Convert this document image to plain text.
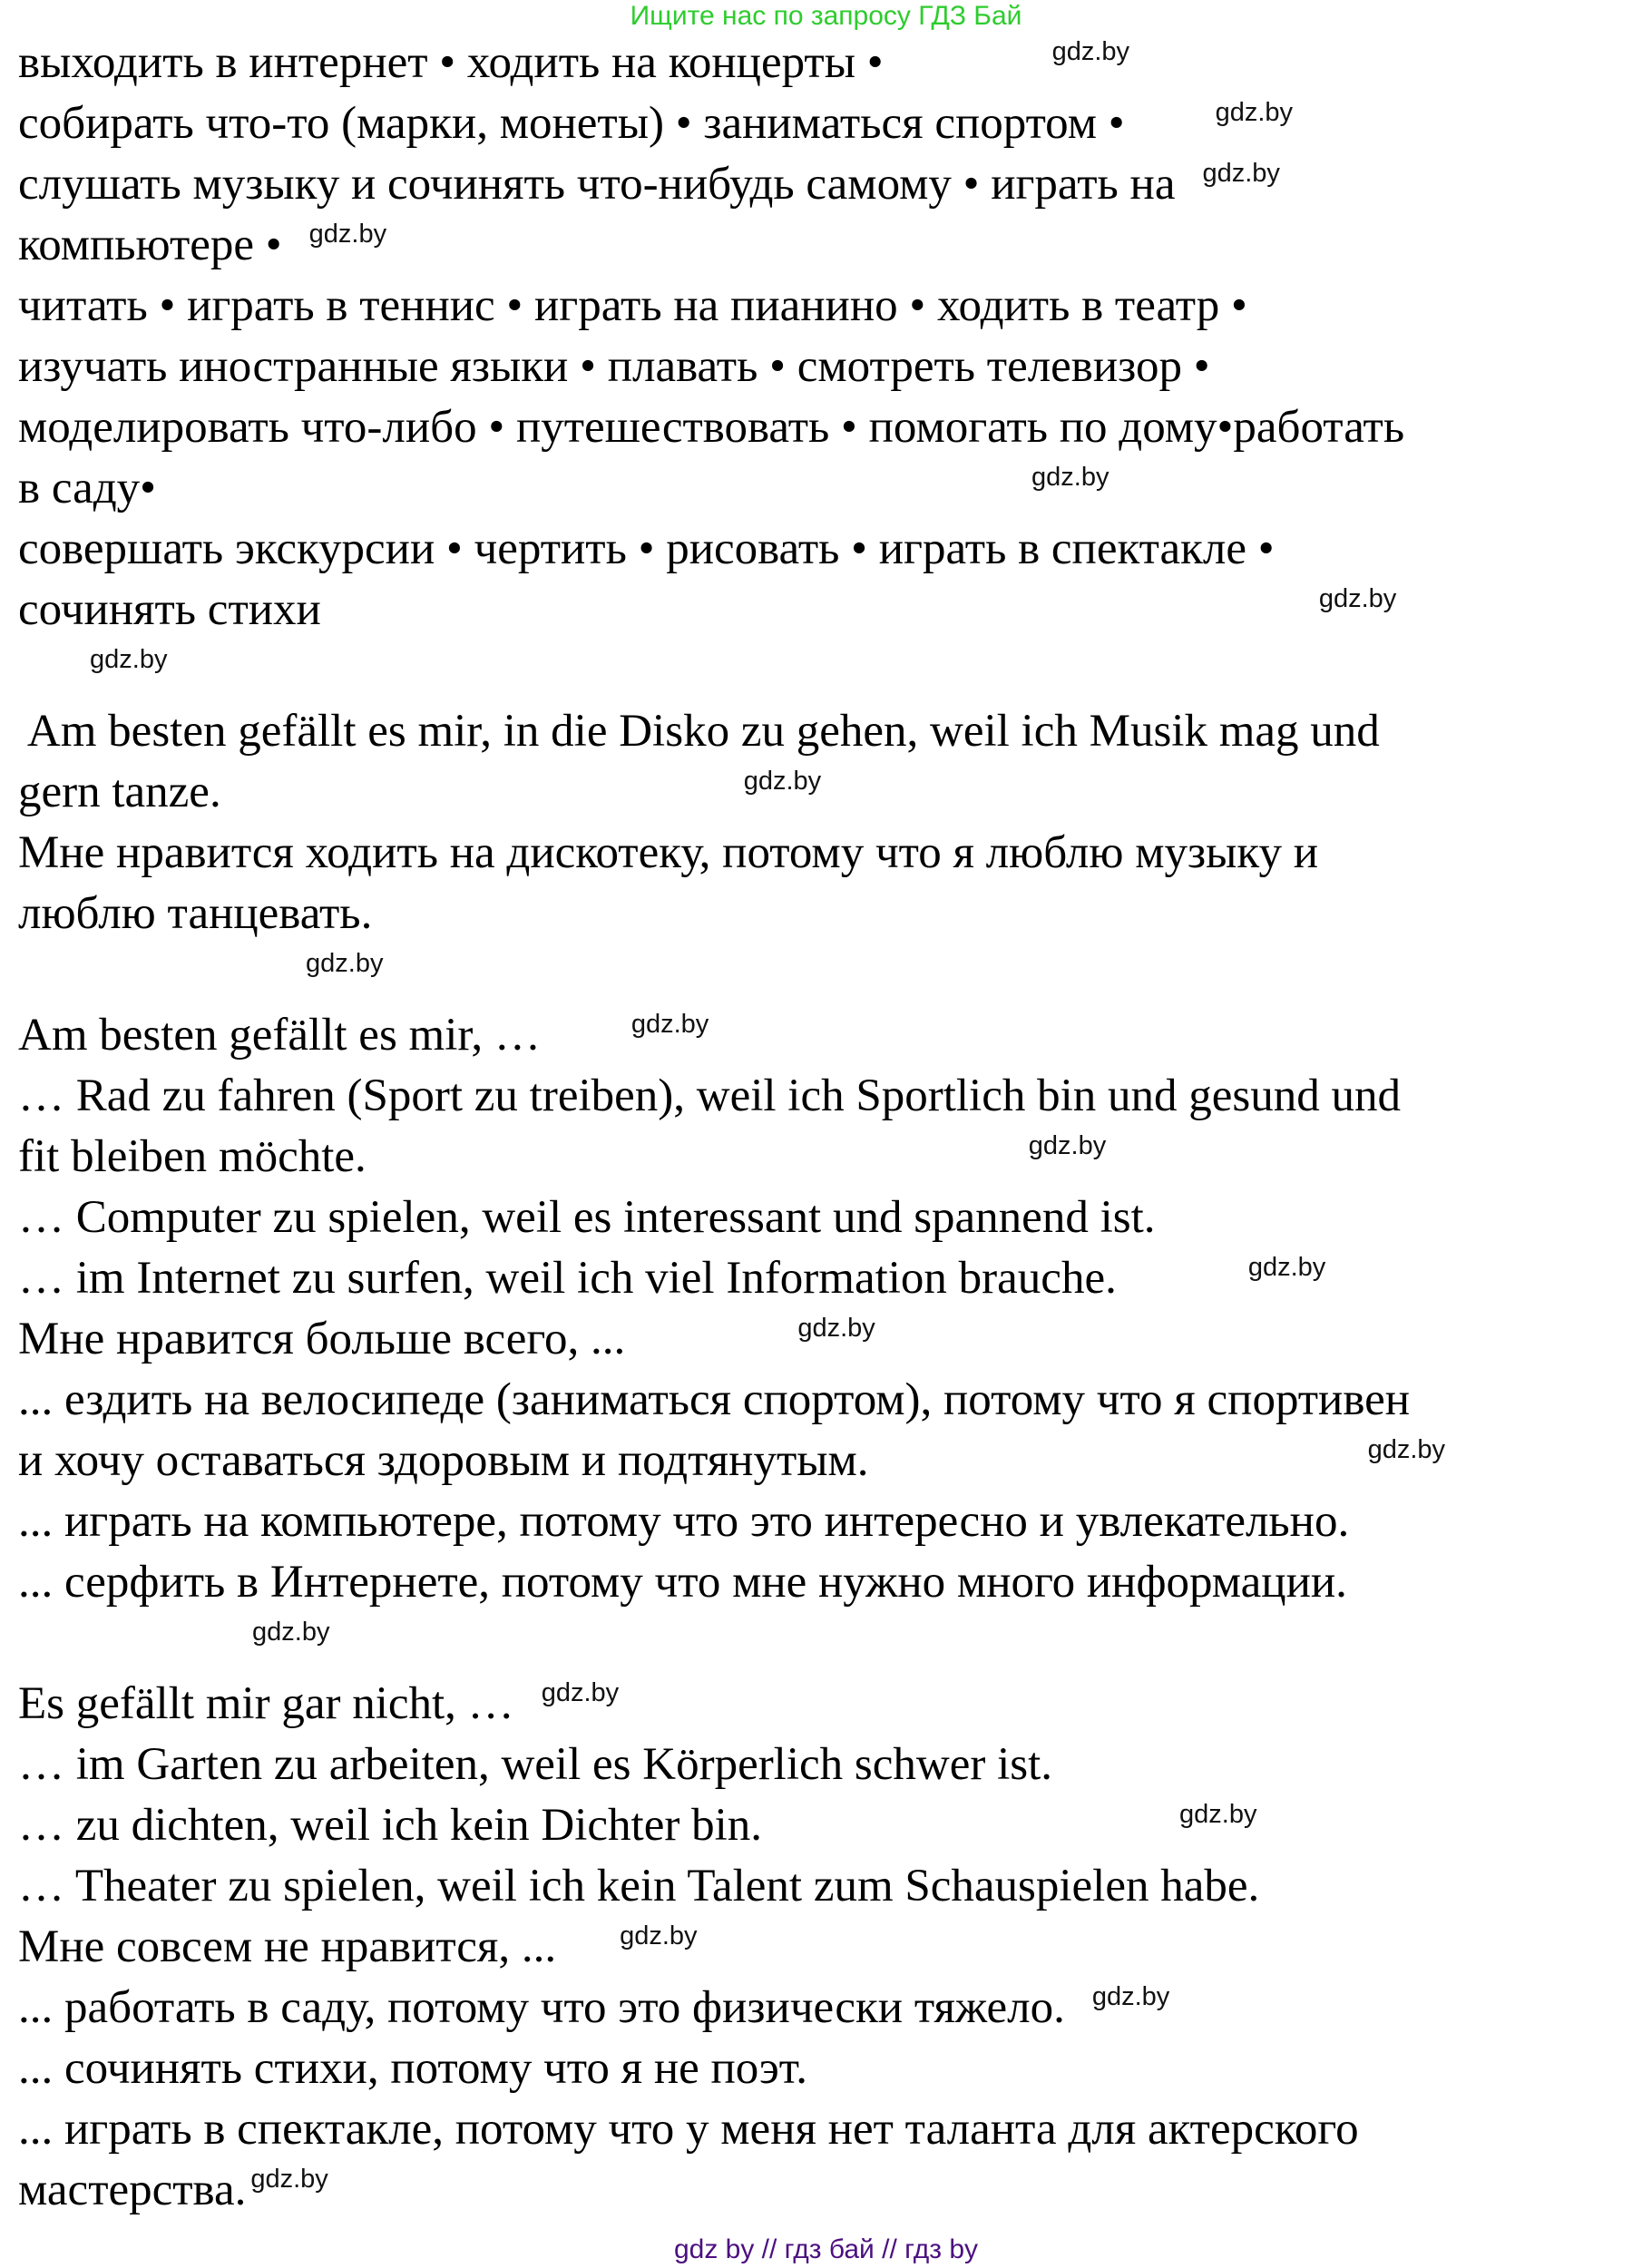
Ищите нас по запросу ГДЗ Бай
выходить в интернет • ходить на концерты •	gdz.by
собирать что-то (марки, монеты) • заниматься спортом •	gdz.by
слушать музыку и сочинять что-нибудь самому • играть на gdz.by
компьютере • gdz.by
читать • играть в теннис • играть на пианино • ходить в театр •
изучать иностранные языки • плавать • смотреть телевизор •
моделировать что-либо • путешествовать • помогать по дому•работать
в саду•	gdz.by
совершать экскурсии • чертить • рисовать • играть в спектакле •
сочинять стихи	gdz.by
gdz.by
Am besten gefällt es mir, in die Disko zu gehen, weil ich Musik mag und
gern tanze.	gdz.by
Мне нравится ходить на дискотеку, потому что я люблю музыку и
люблю танцевать.
gdz.by
Am besten gefällt es mir, …	gdz.by
… Rad zu fahren (Sport zu treiben), weil ich Sportlich bin und gesund und
fit bleiben möchte.	gdz.by
… Computer zu spielen, weil es interessant und spannend ist.
… im Internet zu surfen, weil ich viel Information brauche.	gdz.by
Мне нравится больше всего, ...	gdz.by
... ездить на велосипеде (заниматься спортом), потому что я спортивен
и хочу оставаться здоровым и подтянутым.	gdz.by
... играть на компьютере, потому что это интересно и увлекательно.
... серфить в Интернете, потому что мне нужно много информации.
gdz.by
Es gefällt mir gar nicht, … gdz.by
… im Garten zu arbeiten, weil es Körperlich schwer ist.
… zu dichten, weil ich kein Dichter bin.	gdz.by
… Theater zu spielen, weil ich kein Talent zum Schauspielen habe.
Мне совсем не нравится, ... gdz.by
... работать в саду, потому что это физически тяжело. gdz.by
... сочинять стихи, потому что я не поэт.
... играть в спектакле, потому что у меня нет таланта для актерского
мастерства. gdz.by
gdz by // гдз бай // гдз by
